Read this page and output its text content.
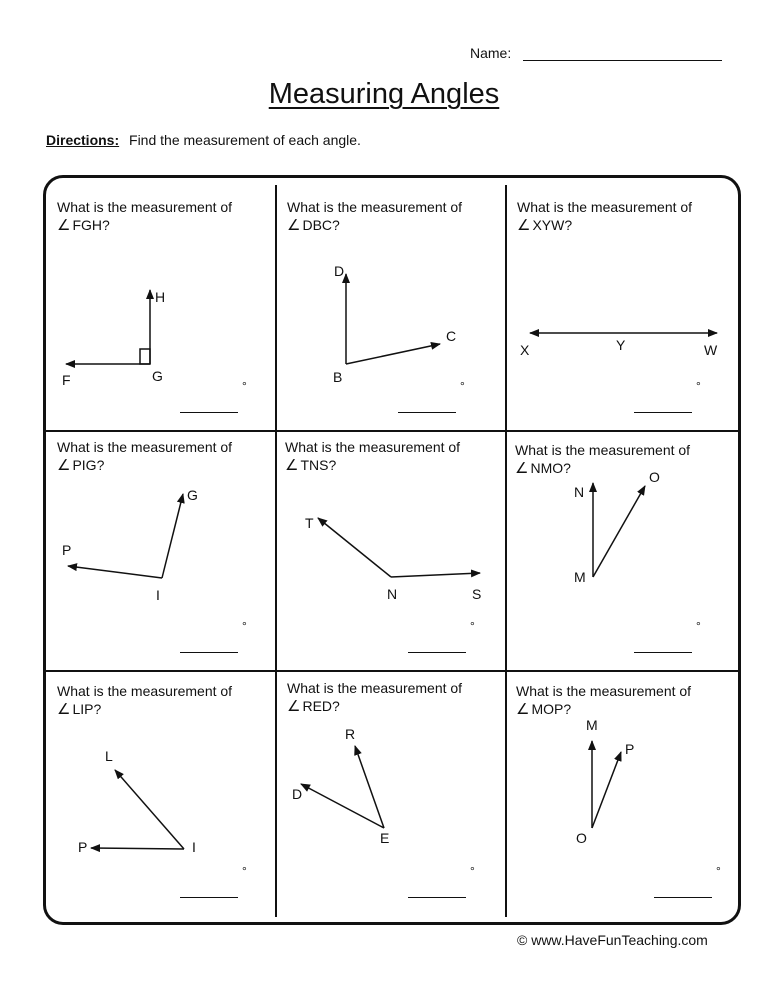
Name:
Measuring Angles
Directions: Find the measurement of each angle.
What is the measurement of
∠ FGH?
What is the measurement of
∠ DBC?
What is the measurement of
∠ XYW?
What is the measurement of
∠ PIG?
What is the measurement of
∠ TNS?
What is the measurement of
∠ NMO?
What is the measurement of
∠ LIP?
What is the measurement of
∠ RED?
What is the measurement of
∠ MOP?
°	°	°
°	°	°
°	°	°
F	G
H
D
B
C
X	Y	W
P
I
G
T
N	S
N
M
O
L
I
P
R
E
D
M
O
P
© www.HaveFunTeaching.com
